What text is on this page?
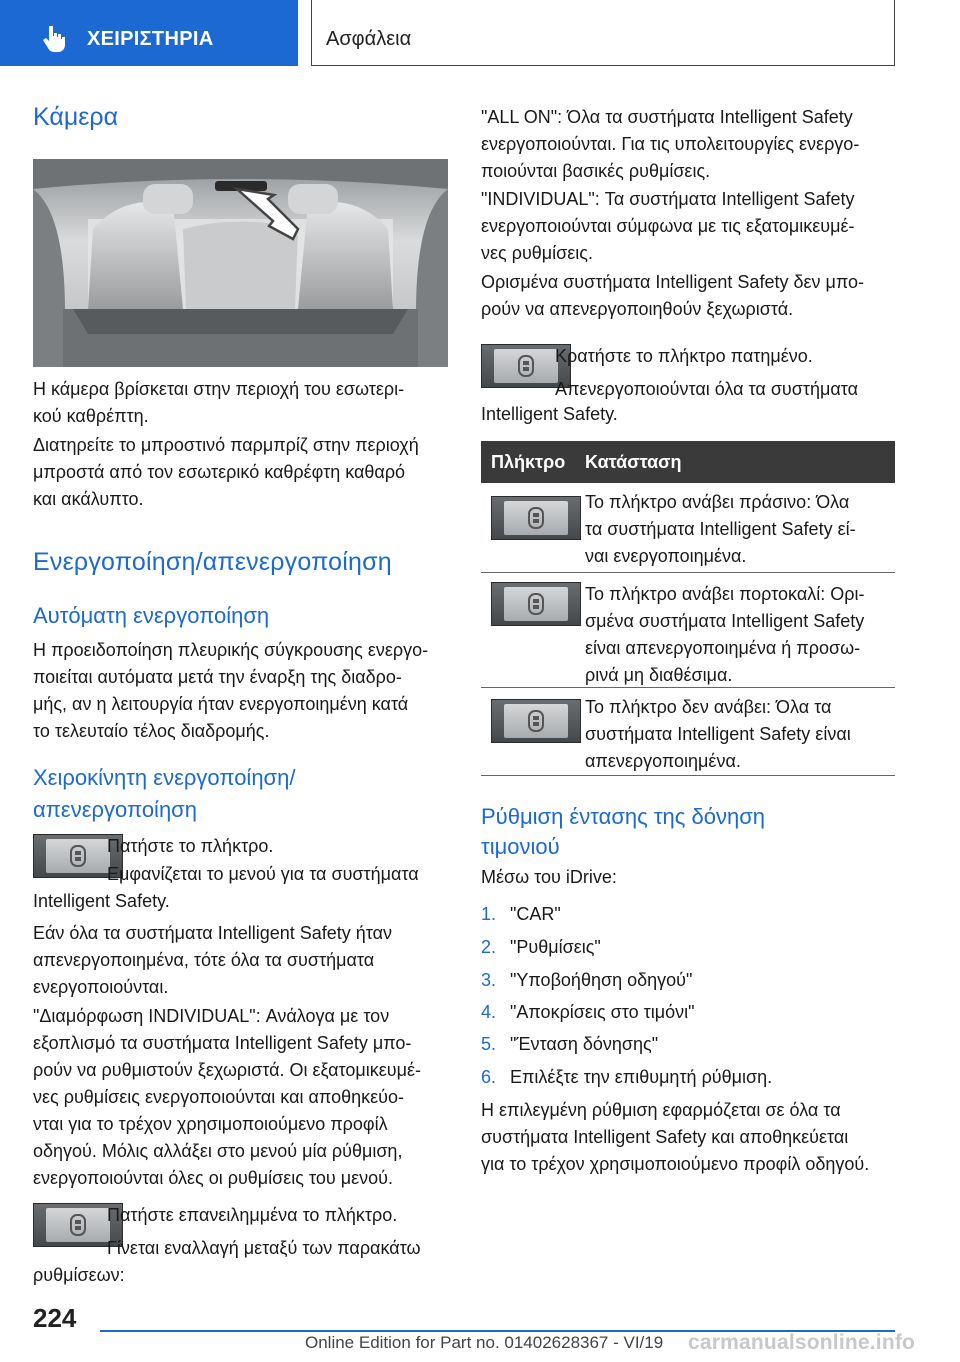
ΧΕΙΡΙΣΤΗΡΙΑ	Ασφάλεια
Κάμερα
Η κάμερα βρίσκεται στην περιοχή του εσωτερι-
κού καθρέπτη.
Διατηρείτε το μπροστινό παρμπρίζ στην περιοχή
μπροστά από τον εσωτερικό καθρέφτη καθαρό
και ακάλυπτο.
Ενεργοποίηση/απενεργοποίηση
Αυτόματη ενεργοποίηση
Η προειδοποίηση πλευρικής σύγκρουσης ενεργο-
ποιείται αυτόματα μετά την έναρξη της διαδρο-
μής, αν η λειτουργία ήταν ενεργοποιημένη κατά
το τελευταίο τέλος διαδρομής.
Χειροκίνητη ενεργοποίηση/
απενεργοποίηση
Πατήστε το πλήκτρο.
Εμφανίζεται το μενού για τα συστήματα
Intelligent Safety.
Εάν όλα τα συστήματα Intelligent Safety ήταν
απενεργοποιημένα, τότε όλα τα συστήματα
ενεργοποιούνται.
"Διαμόρφωση INDIVIDUAL": Ανάλογα με τον
εξοπλισμό τα συστήματα Intelligent Safety μπο-
ρούν να ρυθμιστούν ξεχωριστά. Οι εξατομικευμέ-
νες ρυθμίσεις ενεργοποιούνται και αποθηκεύο-
νται για το τρέχον χρησιμοποιούμενο προφίλ
οδηγού. Μόλις αλλάξει στο μενού μία ρύθμιση,
ενεργοποιούνται όλες οι ρυθμίσεις του μενού.
Πατήστε επανειλημμένα το πλήκτρο.
Γίνεται εναλλαγή μεταξύ των παρακάτω
ρυθμίσεων:
"ALL ON": Όλα τα συστήματα Intelligent Safety
ενεργοποιούνται. Για τις υπολειτουργίες ενεργο-
ποιούνται βασικές ρυθμίσεις.
"INDIVIDUAL": Τα συστήματα Intelligent Safety
ενεργοποιούνται σύμφωνα με τις εξατομικευμέ-
νες ρυθμίσεις.
Ορισμένα συστήματα Intelligent Safety δεν μπο-
ρούν να απενεργοποιηθούν ξεχωριστά.
Κρατήστε το πλήκτρο πατημένο.
Απενεργοποιούνται όλα τα συστήματα
Intelligent Safety.
Πλήκτρο Κατάσταση
Το πλήκτρο ανάβει πράσινο: Όλα
τα συστήματα Intelligent Safety εί-
ναι ενεργοποιημένα.
Το πλήκτρο ανάβει πορτοκαλί: Ορι-
σμένα συστήματα Intelligent Safety
είναι απενεργοποιημένα ή προσω-
ρινά μη διαθέσιμα.
Το πλήκτρο δεν ανάβει: Όλα τα
συστήματα Intelligent Safety είναι
απενεργοποιημένα.
Ρύθμιση έντασης της δόνηση
τιμονιού
Μέσω του iDrive:
1. "CAR"
2. "Ρυθμίσεις"
3. "Υποβοήθηση οδηγού"
4. "Αποκρίσεις στο τιμόνι"
5. "Ένταση δόνησης"
6. Επιλέξτε την επιθυμητή ρύθμιση.
Η επιλεγμένη ρύθμιση εφαρμόζεται σε όλα τα
συστήματα Intelligent Safety και αποθηκεύεται
για το τρέχον χρησιμοποιούμενο προφίλ οδηγού.
224
Online Edition for Part no. 01402628367 - VI/19 carmanualsonline.info
